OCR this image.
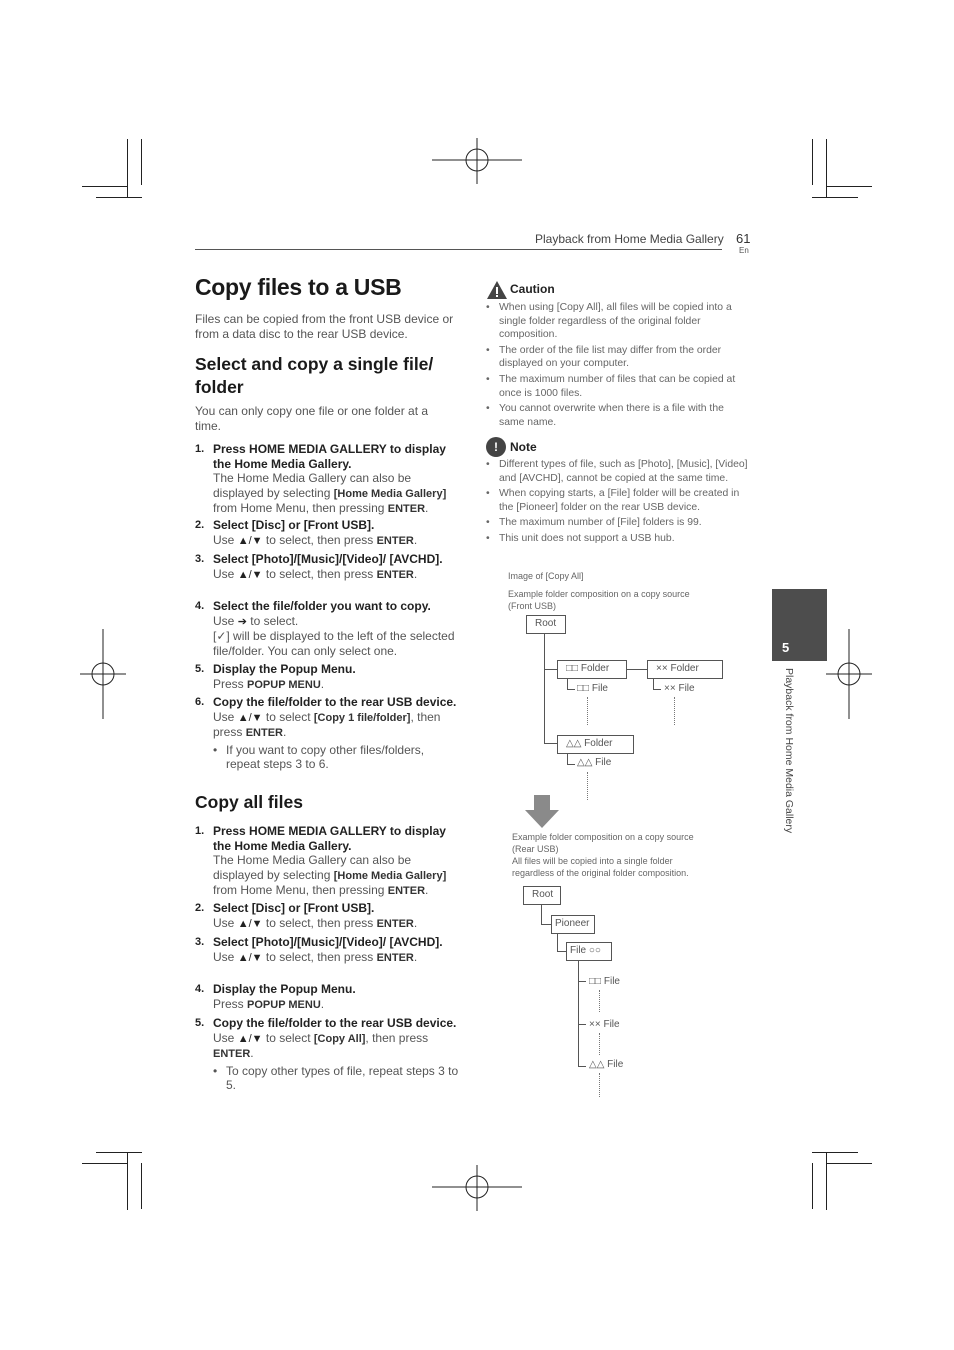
Playback from Home Media Gallery 61
En
Copy files to a USB
Files can be copied from the front USB device or from a data disc to the rear USB device.
Select and copy a single file/
folder
You can only copy one file or one folder at a time.
1. Press HOME MEDIA GALLERY to display the Home Media Gallery.
The Home Media Gallery can also be displayed by selecting [Home Media Gallery] from Home Menu, then pressing ENTER.
2. Select [Disc] or [Front USB].
Use ▲/▼ to select, then press ENTER.
3. Select [Photo]/[Music]/[Video]/ [AVCHD].
Use ▲/▼ to select, then press ENTER.
4. Select the file/folder you want to copy.
Use ➔ to select.
[✓] will be displayed to the left of the selected file/folder. You can only select one.
5. Display the Popup Menu.
Press POPUP MENU.
6. Copy the file/folder to the rear USB device.
Use ▲/▼ to select [Copy 1 file/folder], then press ENTER.
• If you want to copy other files/folders, repeat steps 3 to 6.
Copy all files
1. Press HOME MEDIA GALLERY to display the Home Media Gallery.
The Home Media Gallery can also be displayed by selecting [Home Media Gallery] from Home Menu, then pressing ENTER.
2. Select [Disc] or [Front USB].
Use ▲/▼ to select, then press ENTER.
3. Select [Photo]/[Music]/[Video]/ [AVCHD].
Use ▲/▼ to select, then press ENTER.
4. Display the Popup Menu.
Press POPUP MENU.
5. Copy the file/folder to the rear USB device.
Use ▲/▼ to select [Copy All], then press ENTER.
• To copy other types of file, repeat steps 3 to 5.
Caution
• When using [Copy All], all files will be copied into a single folder regardless of the original folder composition.
• The order of the file list may differ from the order displayed on your computer.
• The maximum number of files that can be copied at once is 1000 files.
• You cannot overwrite when there is a file with the same name.
!	Note
• Different types of file, such as [Photo], [Music], [Video] and [AVCHD], cannot be copied at the same time.
• When copying starts, a [File] folder will be created in the [Pioneer] folder on the rear USB device.
• The maximum number of [File] folders is 99.
• This unit does not support a USB hub.
Image of [Copy All]
Example folder composition on a copy source
(Front USB)
Root
□□ Folder	×× Folder
□□ File	×× File
△△ Folder
△△ File
Example folder composition on a copy source
(Rear USB)
All files will be copied into a single folder
regardless of the original folder composition.
Root
Pioneer
File ○○
□□ File
×× File
△△ File
5
Playback from Home Media Gallery
